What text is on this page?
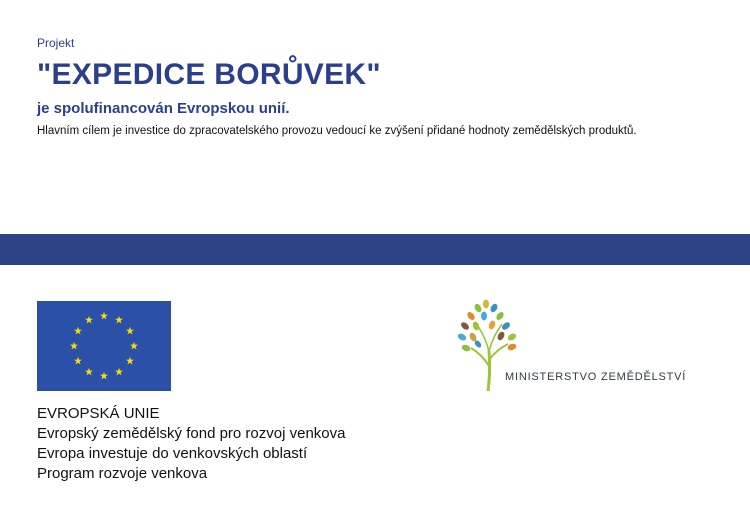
Projekt

"EXPEDICE BORŮVEK"

je spolufinancován Evropskou unií.

Hlavním cílem je investice do zpracovatelského provozu vedoucí ke zvýšení přidané hodnoty zemědělských produktů.

EVROPSKÁ UNIE
Evropský zemědělský fond pro rozvoj venkova
Evropa investuje do venkovských oblastí
Program rozvoje venkova
MINISTERSTVO ZEMĚDĚLSTVÍ
